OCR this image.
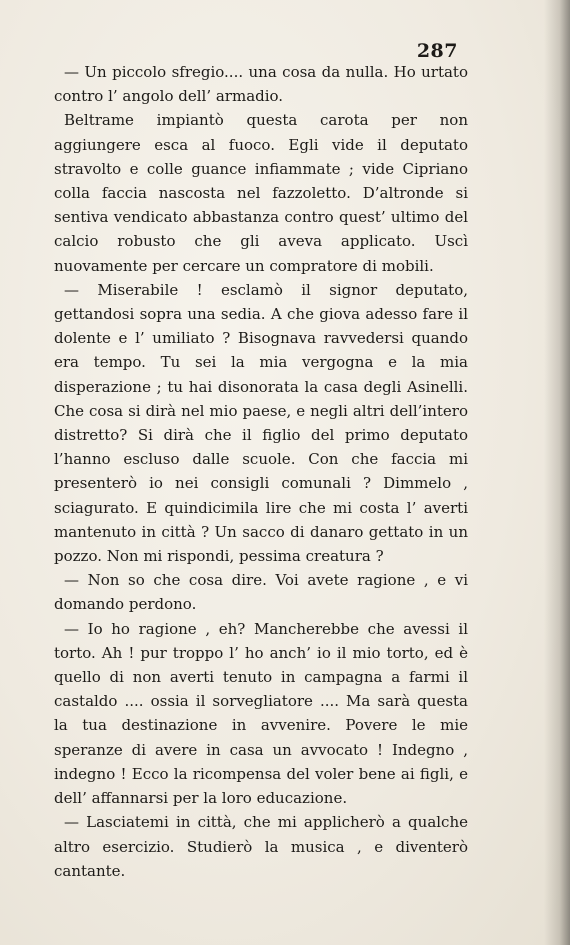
287

— Un piccolo sfregio.... una cosa da nulla. Ho urtato contro l’ angolo dell’ armadio.

Beltrame impiantò questa carota per non aggiungere esca al fuoco. Egli vide il deputato stravolto e colle guance infiammate ; vide Cipriano colla faccia nascosta nel fazzoletto. D’altronde si sentiva vendicato abbastanza contro quest’ ultimo del calcio robusto che gli aveva applicato. Uscì nuovamente per cercare un compratore di mobili.

— Miserabile ! esclamò il signor deputato, gettandosi sopra una sedia. A che giova adesso fare il dolente e l’ umiliato ? Bisognava ravvedersi quando era tempo. Tu sei la mia vergogna e la mia disperazione ; tu hai disonorata la casa degli Asinelli. Che cosa si dirà nel mio paese, e negli altri dell’intero distretto? Si dirà che il figlio del primo deputato l’hanno escluso dalle scuole. Con che faccia mi presenterò io nei consigli comunali ? Dimmelo , sciagurato. E quindicimila lire che mi costa l’ averti mantenuto in città ? Un sacco di danaro gettato in un pozzo. Non mi rispondi, pessima creatura ?

— Non so che cosa dire. Voi avete ragione , e vi domando perdono.

— Io ho ragione , eh? Mancherebbe che avessi il torto. Ah ! pur troppo l’ ho anch’ io il mio torto, ed è quello di non averti tenuto in campagna a farmi il castaldo .... ossia il sorvegliatore .... Ma sarà questa la tua destinazione in avvenire. Povere le mie speranze di avere in casa un avvocato ! Indegno , indegno ! Ecco la ricompensa del voler bene ai figli, e dell’ affannarsi per la loro educazione.

— Lasciatemi in città, che mi applicherò a qualche altro esercizio. Studierò la musica , e diventerò cantante.
